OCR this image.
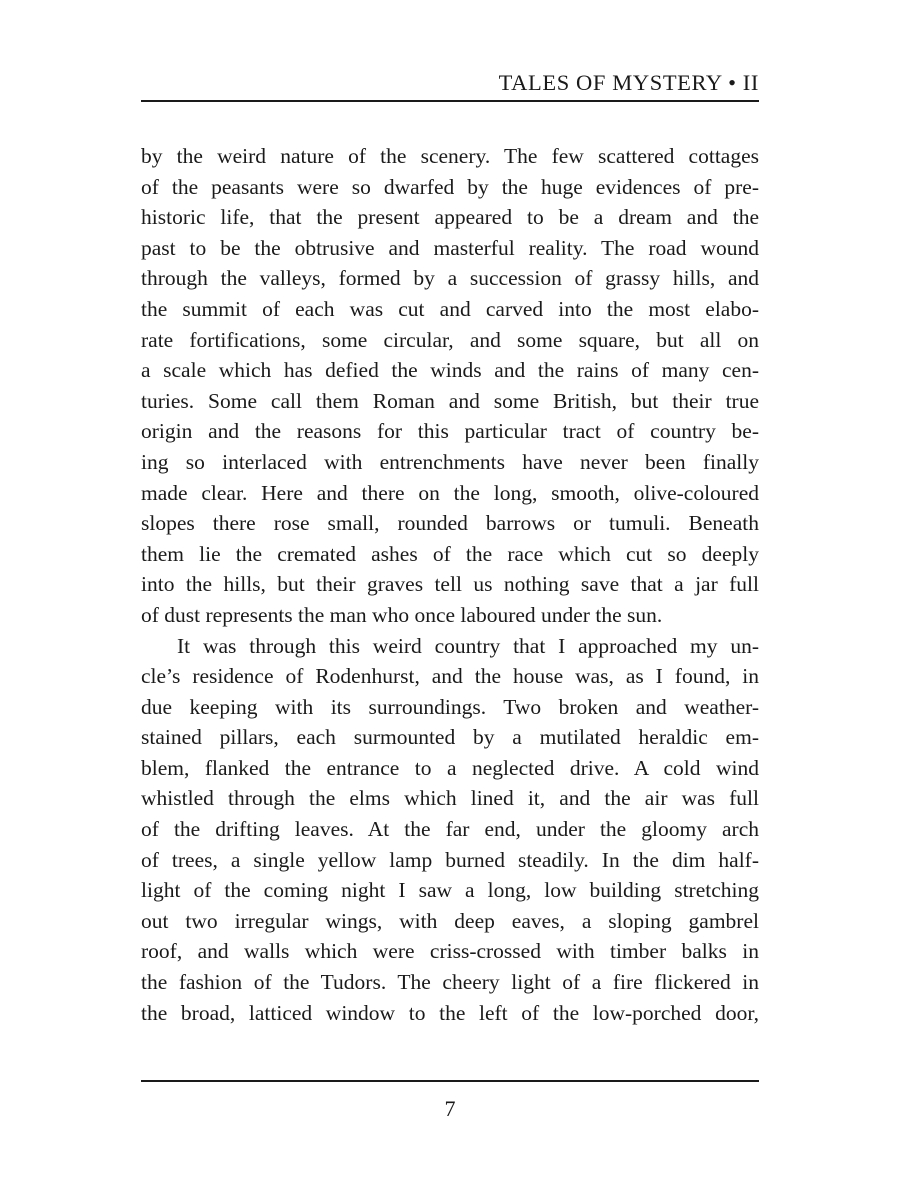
TALES OF MYSTERY • II
by the weird nature of the scenery. The few scattered cottages
of the peasants were so dwarfed by the huge evidences of pre-
historic life, that the present appeared to be a dream and the
past to be the obtrusive and masterful reality. The road wound
through the valleys, formed by a succession of grassy hills, and
the summit of each was cut and carved into the most elabo-
rate fortifications, some circular, and some square, but all on
a scale which has defied the winds and the rains of many cen-
turies. Some call them Roman and some British, but their true
origin and the reasons for this particular tract of country be-
ing so interlaced with entrenchments have never been finally
made clear. Here and there on the long, smooth, olive-coloured
slopes there rose small, rounded barrows or tumuli. Beneath
them lie the cremated ashes of the race which cut so deeply
into the hills, but their graves tell us nothing save that a jar full
of dust represents the man who once laboured under the sun.
It was through this weird country that I approached my un-
cle’s residence of Rodenhurst, and the house was, as I found, in
due keeping with its surroundings. Two broken and weather-
stained pillars, each surmounted by a mutilated heraldic em-
blem, flanked the entrance to a neglected drive. A cold wind
whistled through the elms which lined it, and the air was full
of the drifting leaves. At the far end, under the gloomy arch
of trees, a single yellow lamp burned steadily. In the dim half-
light of the coming night I saw a long, low building stretching
out two irregular wings, with deep eaves, a sloping gambrel
roof, and walls which were criss-crossed with timber balks in
the fashion of the Tudors. The cheery light of a fire flickered in
the broad, latticed window to the left of the low-porched door,
7
